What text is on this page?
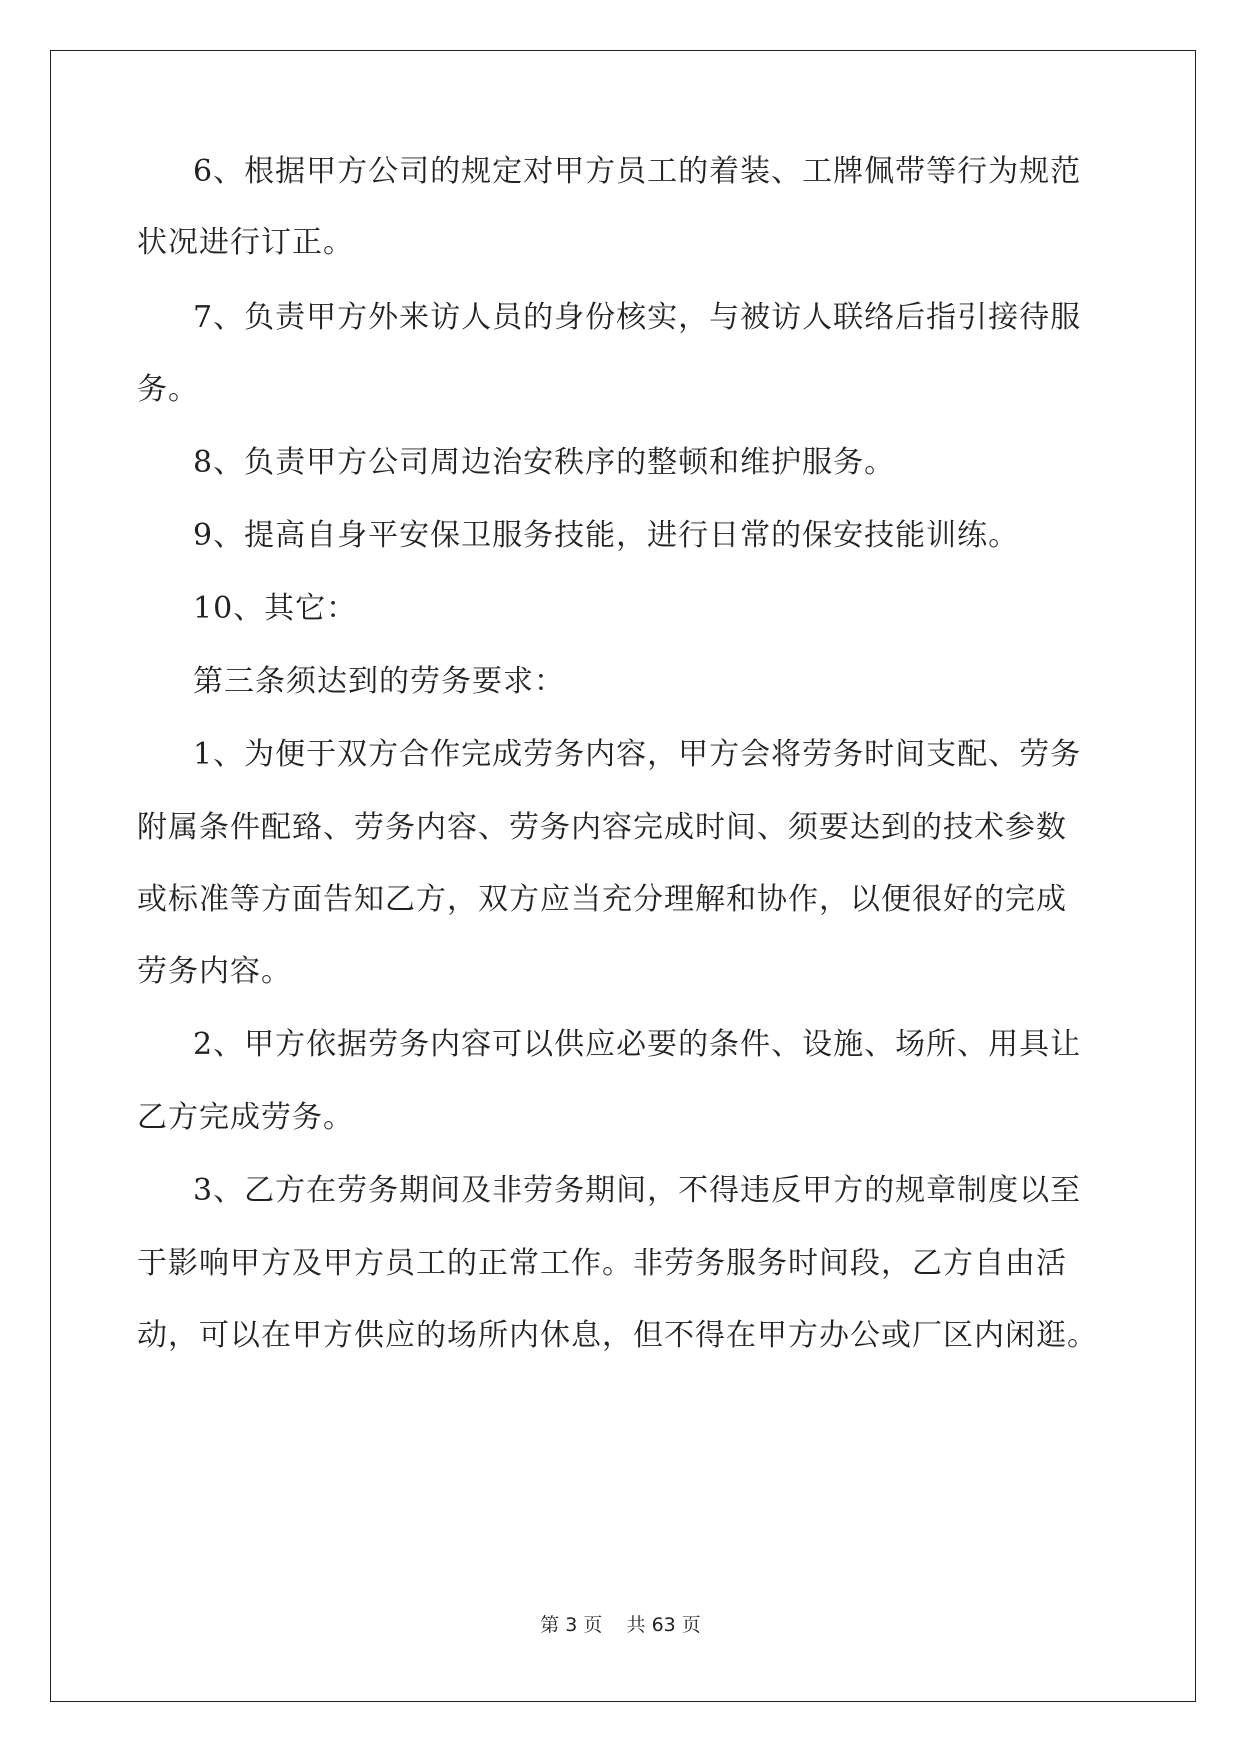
6、根据甲方公司的规定对甲方员工的着装、工牌佩带等行为规范
状况进行订正。
7、负责甲方外来访人员的身份核实，与被访人联络后指引接待服
务。
8、负责甲方公司周边治安秩序的整顿和维护服务。
9、提高自身平安保卫服务技能，进行日常的保安技能训练。
10、其它：
第三条须达到的劳务要求：
1、为便于双方合作完成劳务内容，甲方会将劳务时间支配、劳务
附属条件配臵、劳务内容、劳务内容完成时间、须要达到的技术参数
或标准等方面告知乙方，双方应当充分理解和协作，以便很好的完成
劳务内容。
2、甲方依据劳务内容可以供应必要的条件、设施、场所、用具让
乙方完成劳务。
3、乙方在劳务期间及非劳务期间，不得违反甲方的规章制度以至
于影响甲方及甲方员工的正常工作。非劳务服务时间段，乙方自由活
动，可以在甲方供应的场所内休息，但不得在甲方办公或厂区内闲逛。
第 3 页 共 63 页
